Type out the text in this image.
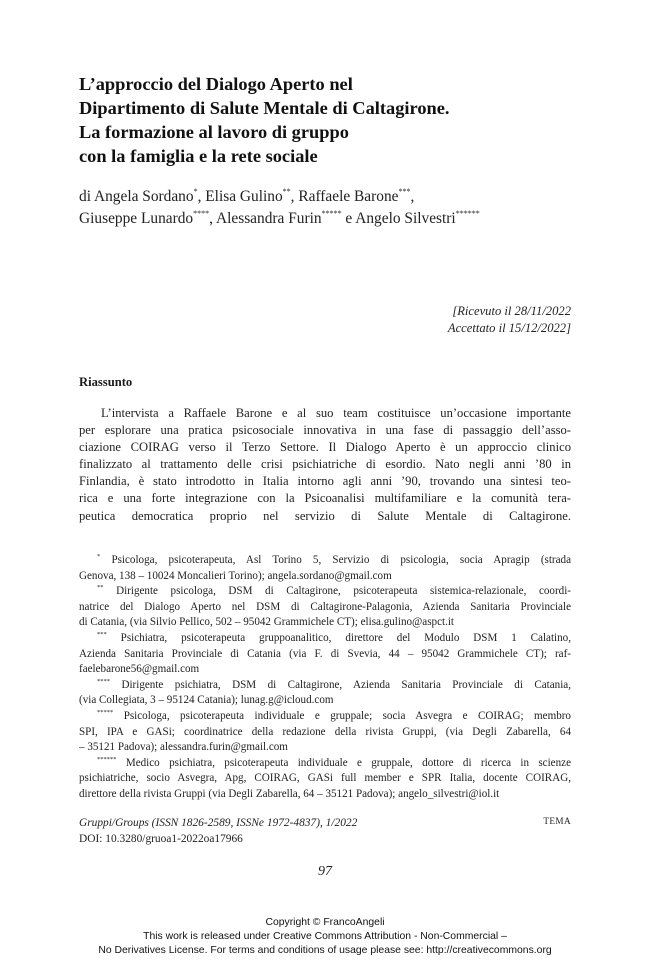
L’approccio del Dialogo Aperto nel
Dipartimento di Salute Mentale di Caltagirone.
La formazione al lavoro di gruppo
con la famiglia e la rete sociale
di Angela Sordano*, Elisa Gulino**, Raffaele Barone***,
Giuseppe Lunardo****, Alessandra Furin***** e Angelo Silvestri******
[Ricevuto il 28/11/2022
Accettato il 15/12/2022]
Riassunto
L’intervista a Raffaele Barone e al suo team costituisce un’occasione importante
per esplorare una pratica psicosociale innovativa in una fase di passaggio dell’asso-
ciazione COIRAG verso il Terzo Settore. Il Dialogo Aperto è un approccio clinico
finalizzato al trattamento delle crisi psichiatriche di esordio. Nato negli anni ’80 in
Finlandia, è stato introdotto in Italia intorno agli anni ’90, trovando una sintesi teo-
rica e una forte integrazione con la Psicoanalisi multifamiliare e la comunità tera-
peutica democratica proprio nel servizio di Salute Mentale di Caltagirone.
* Psicologa, psicoterapeuta, Asl Torino 5, Servizio di psicologia, socia Apragip (strada
Genova, 138 – 10024 Moncalieri Torino); angela.sordano@gmail.com
** Dirigente psicologa, DSM di Caltagirone, psicoterapeuta sistemica-relazionale, coordi-
natrice del Dialogo Aperto nel DSM di Caltagirone-Palagonia, Azienda Sanitaria Provinciale
di Catania, (via Silvio Pellico, 502 – 95042 Grammichele CT); elisa.gulino@aspct.it
*** Psichiatra, psicoterapeuta gruppoanalitico, direttore del Modulo DSM 1 Calatino,
Azienda Sanitaria Provinciale di Catania (via F. di Svevia, 44 – 95042 Grammichele CT); raf-
faelebarone56@gmail.com
**** Dirigente psichiatra, DSM di Caltagirone, Azienda Sanitaria Provinciale di Catania,
(via Collegiata, 3 – 95124 Catania); lunag.g@icloud.com
***** Psicologa, psicoterapeuta individuale e gruppale; socia Asvegra e COIRAG; membro
SPI, IPA e GASi; coordinatrice della redazione della rivista Gruppi, (via Degli Zabarella, 64
– 35121 Padova); alessandra.furin@gmail.com
****** Medico psichiatra, psicoterapeuta individuale e gruppale, dottore di ricerca in scienze
psichiatriche, socio Asvegra, Apg, COIRAG, GASi full member e SPR Italia, docente COIRAG,
direttore della rivista Gruppi (via Degli Zabarella, 64 – 35121 Padova); angelo_silvestri@iol.it
Gruppi/Groups (ISSN 1826-2589, ISSNe 1972-4837), 1/2022
DOI: 10.3280/gruoa1-2022oa17966
TEMA
97
Copyright © FrancoAngeli
This work is released under Creative Commons Attribution - Non-Commercial –
No Derivatives License. For terms and conditions of usage please see: http://creativecommons.org
